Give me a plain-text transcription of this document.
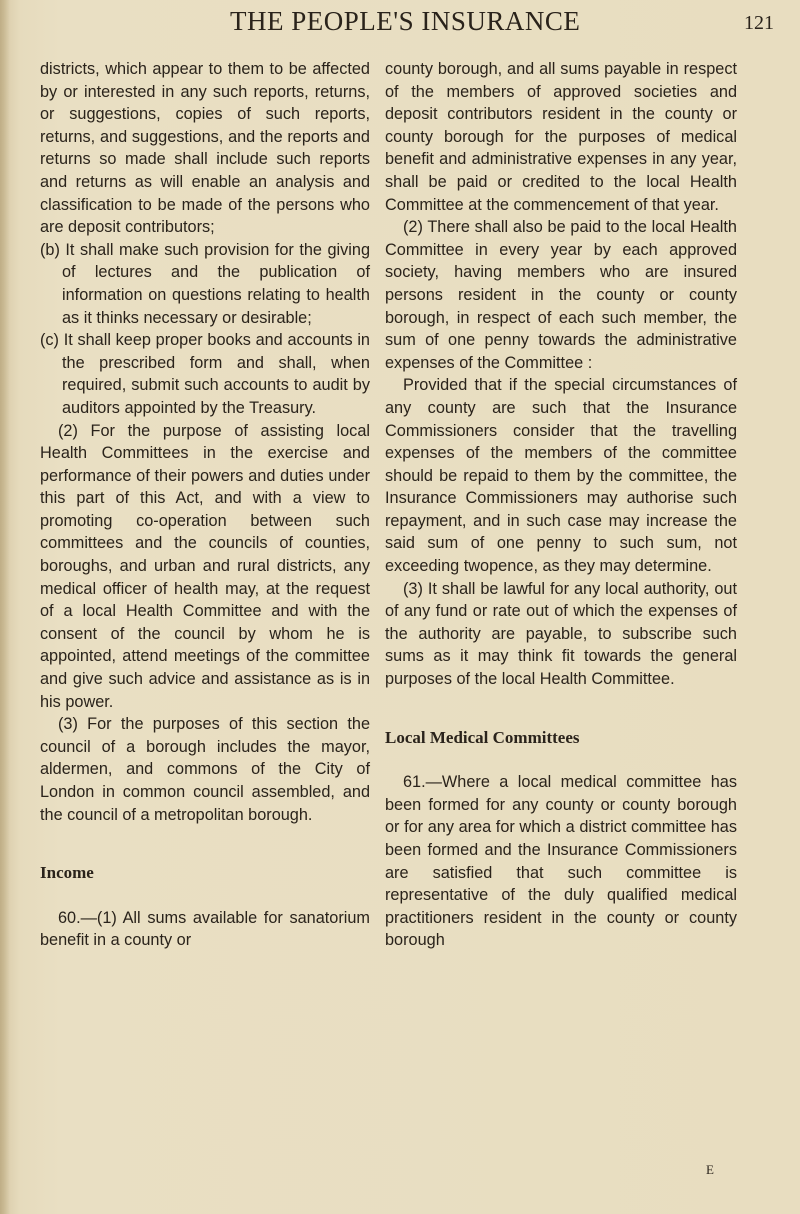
THE PEOPLE'S INSURANCE	121

districts, which appear to them to be affected by or interested in any such reports, returns, or suggestions, copies of such reports, returns, and suggestions, and the reports and returns so made shall include such reports and returns as will enable an analysis and classification to be made of the persons who are deposit contributors;

(b) It shall make such provision for the giving of lectures and the publication of information on questions relating to health as it thinks necessary or desirable;

(c) It shall keep proper books and accounts in the prescribed form and shall, when required, submit such accounts to audit by auditors appointed by the Treasury.

(2) For the purpose of assisting local Health Committees in the exercise and performance of their powers and duties under this part of this Act, and with a view to promoting co-operation between such committees and the councils of counties, boroughs, and urban and rural districts, any medical officer of health may, at the request of a local Health Committee and with the consent of the council by whom he is appointed, attend meetings of the committee and give such advice and assistance as is in his power.

(3) For the purposes of this section the council of a borough includes the mayor, aldermen, and commons of the City of London in common council assembled, and the council of a metropolitan borough.

Income

60.—(1) All sums available for sanatorium benefit in a county or

county borough, and all sums payable in respect of the members of approved societies and deposit contributors resident in the county or county borough for the purposes of medical benefit and administrative expenses in any year, shall be paid or credited to the local Health Committee at the commencement of that year.

(2) There shall also be paid to the local Health Committee in every year by each approved society, having members who are insured persons resident in the county or county borough, in respect of each such member, the sum of one penny towards the administrative expenses of the Committee :

Provided that if the special circumstances of any county are such that the Insurance Commissioners consider that the travelling expenses of the members of the committee should be repaid to them by the committee, the Insurance Commissioners may authorise such repayment, and in such case may increase the said sum of one penny to such sum, not exceeding twopence, as they may determine.

(3) It shall be lawful for any local authority, out of any fund or rate out of which the expenses of the authority are payable, to subscribe such sums as it may think fit towards the general purposes of the local Health Committee.

Local Medical Committees

61.—Where a local medical committee has been formed for any county or county borough or for any area for which a district committee has been formed and the Insurance Commissioners are satisfied that such committee is representative of the duly qualified medical practitioners resident in the county or county borough

E
